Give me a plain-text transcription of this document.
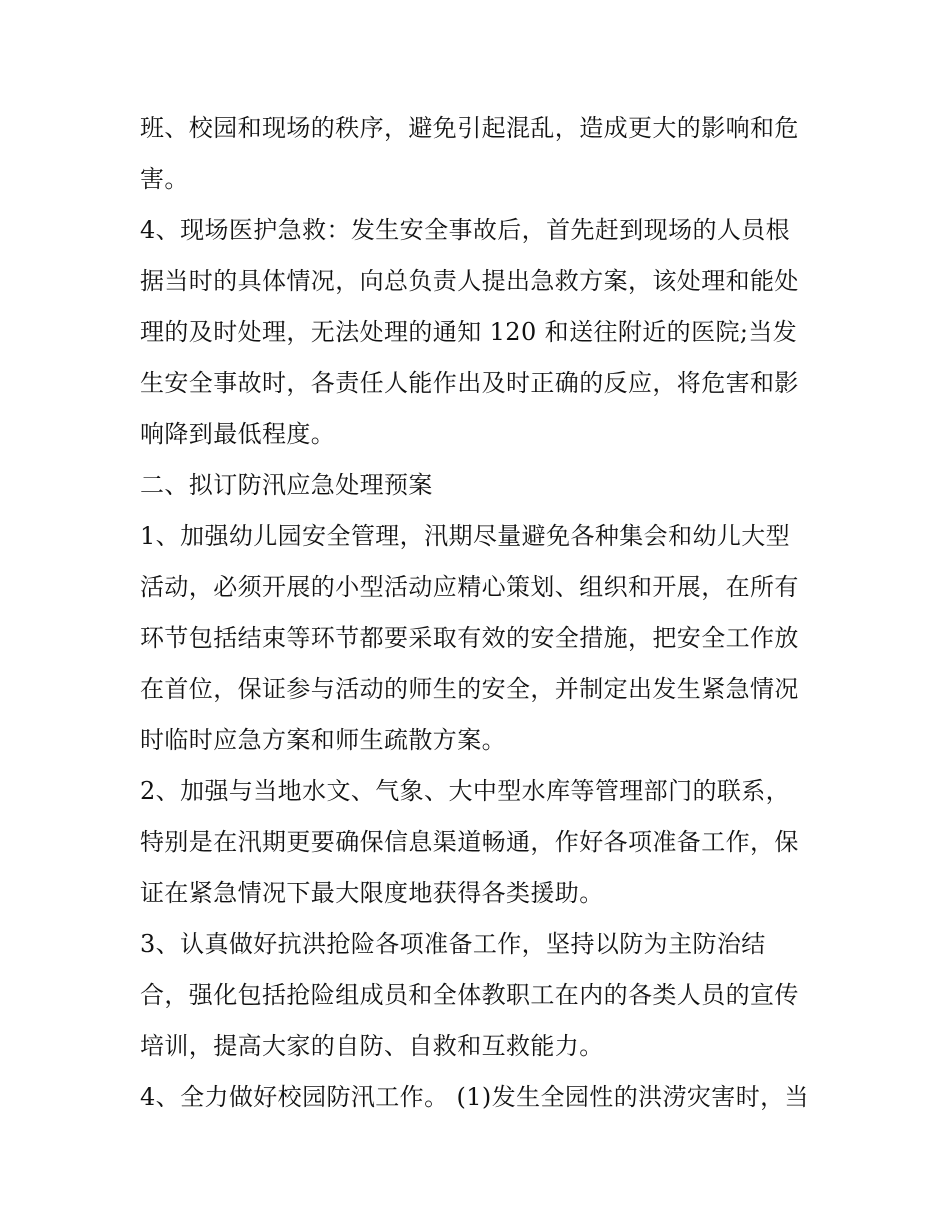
班、校园和现场的秩序，避免引起混乱，造成更大的影响和危
害。
4、现场医护急救：发生安全事故后，首先赶到现场的人员根
据当时的具体情况，向总负责人提出急救方案，该处理和能处
理的及时处理，无法处理的通知 120 和送往附近的医院;当发
生安全事故时，各责任人能作出及时正确的反应，将危害和影
响降到最低程度。
二、拟订防汛应急处理预案
1、加强幼儿园安全管理，汛期尽量避免各种集会和幼儿大型
活动，必须开展的小型活动应精心策划、组织和开展，在所有
环节包括结束等环节都要采取有效的安全措施，把安全工作放
在首位，保证参与活动的师生的安全，并制定出发生紧急情况
时临时应急方案和师生疏散方案。
2、加强与当地水文、气象、大中型水库等管理部门的联系，
特别是在汛期更要确保信息渠道畅通，作好各项准备工作，保
证在紧急情况下最大限度地获得各类援助。
3、认真做好抗洪抢险各项准备工作，坚持以防为主防治结
合，强化包括抢险组成员和全体教职工在内的各类人员的宣传
培训，提高大家的自防、自救和互救能力。
4、全力做好校园防汛工作。 (1)发生全园性的洪涝灾害时，当
